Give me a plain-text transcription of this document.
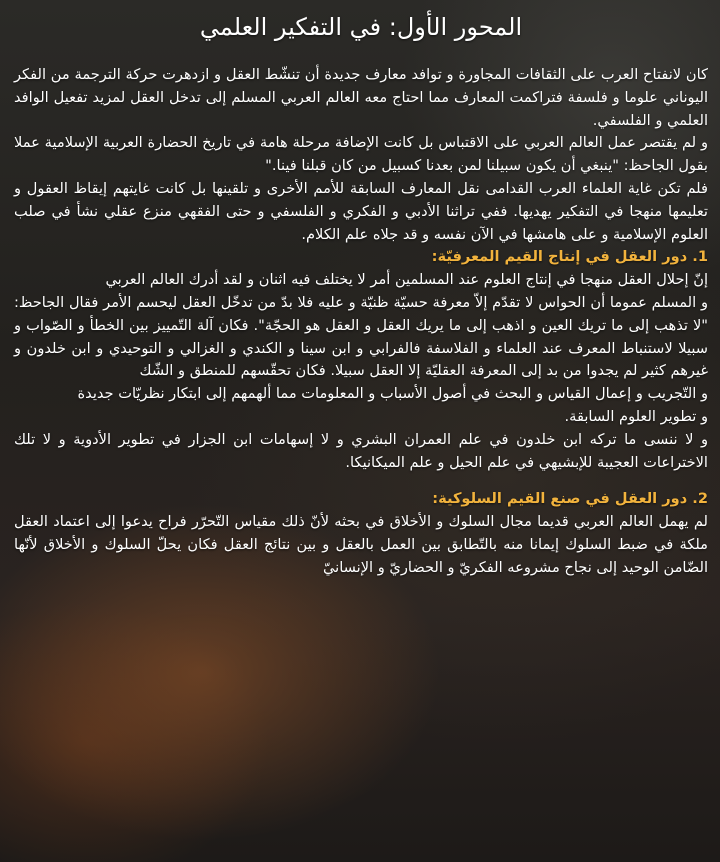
المحور الأول: في التفكير العلمي

كان لانفتاح العرب على الثقافات المجاورة و توافد معارف جديدة أن تنشّط العقل و ازدهرت حركة الترجمة من الفكر اليوناني علوما و فلسفة فتراكمت المعارف مما احتاج معه العالم العربي المسلم إلى تدخل العقل لمزيد تفعيل الوافد العلمي و الفلسفي.

و لم يقتصر عمل العالم العربي على الاقتباس بل كانت الإضافة مرحلة هامة في تاريخ الحضارة العربية الإسلامية عملا بقول الجاحظ: "ينبغي أن يكون سبيلنا لمن بعدنا كسبيل من كان قبلنا فينا."

فلم تكن غاية العلماء العرب القدامى نقل المعارف السابقة للأمم الأخرى و تلقينها بل كانت غايتهم إيقاظ العقول و تعليمها منهجا في التفكير يهديها. ففي تراثنا الأدبي و الفكري و الفلسفي و حتى الفقهي منزع عقلي نشأ في صلب العلوم الإسلامية و على هامشها في الآن نفسه و قد جلاه علم الكلام.

1. دور العقل في إنتاج القيم المعرفيّة:

إنّ إحلال العقل منهجا في إنتاج العلوم عند المسلمين أمر لا يختلف فيه اثنان و لقد أدرك العالم العربي

و المسلم عموما أن الحواس لا تقدّم إلاّ معرفة حسيّة ظنيّة و عليه فلا بدّ من تدخّل العقل ليحسم الأمر فقال الجاحظ: "لا تذهب إلى ما تريك العين و اذهب إلى ما يريك العقل و العقل هو الحجّة". فكان آلة التّمييز بين الخطأ و الصّواب و سبيلا لاستنباط المعرف عند العلماء و الفلاسفة فالفرابي و ابن سينا و الكندي و الغزالي و التوحيدي و ابن خلدون و غيرهم كثير لم يجدوا من بد إلى المعرفة العقليّة إلا العقل سبيلا. فكان تحقّسهم للمنطق و الشّك

و التّجريب و إعمال القياس و البحث في أصول الأسباب و المعلومات مما ألهمهم إلى ابتكار نظريّات جديدة

و تطوير العلوم السابقة.

و لا ننسى ما تركه ابن خلدون في علم العمران البشري و لا إسهامات ابن الجزار في تطوير الأدوية و لا تلك الاختراعات العجيبة للإبشيهي في علم الحيل و علم الميكانيكا.

2. دور العقل في صنع القيم السلوكية:

لم يهمل العالم العربي قديما مجال السلوك و الأخلاق في بحثه لأنّ ذلك مقياس التّحرّر فراح يدعوا إلى اعتماد العقل ملكة في ضبط السلوك إيمانا منه بالتّطابق بين العمل بالعقل و بين نتائج العقل فكان يحلّ السلوك و الأخلاق لأنّها الضّامن الوحيد إلى نجاح مشروعه الفكريّ و الحضاريّ و الإنسانيّ
